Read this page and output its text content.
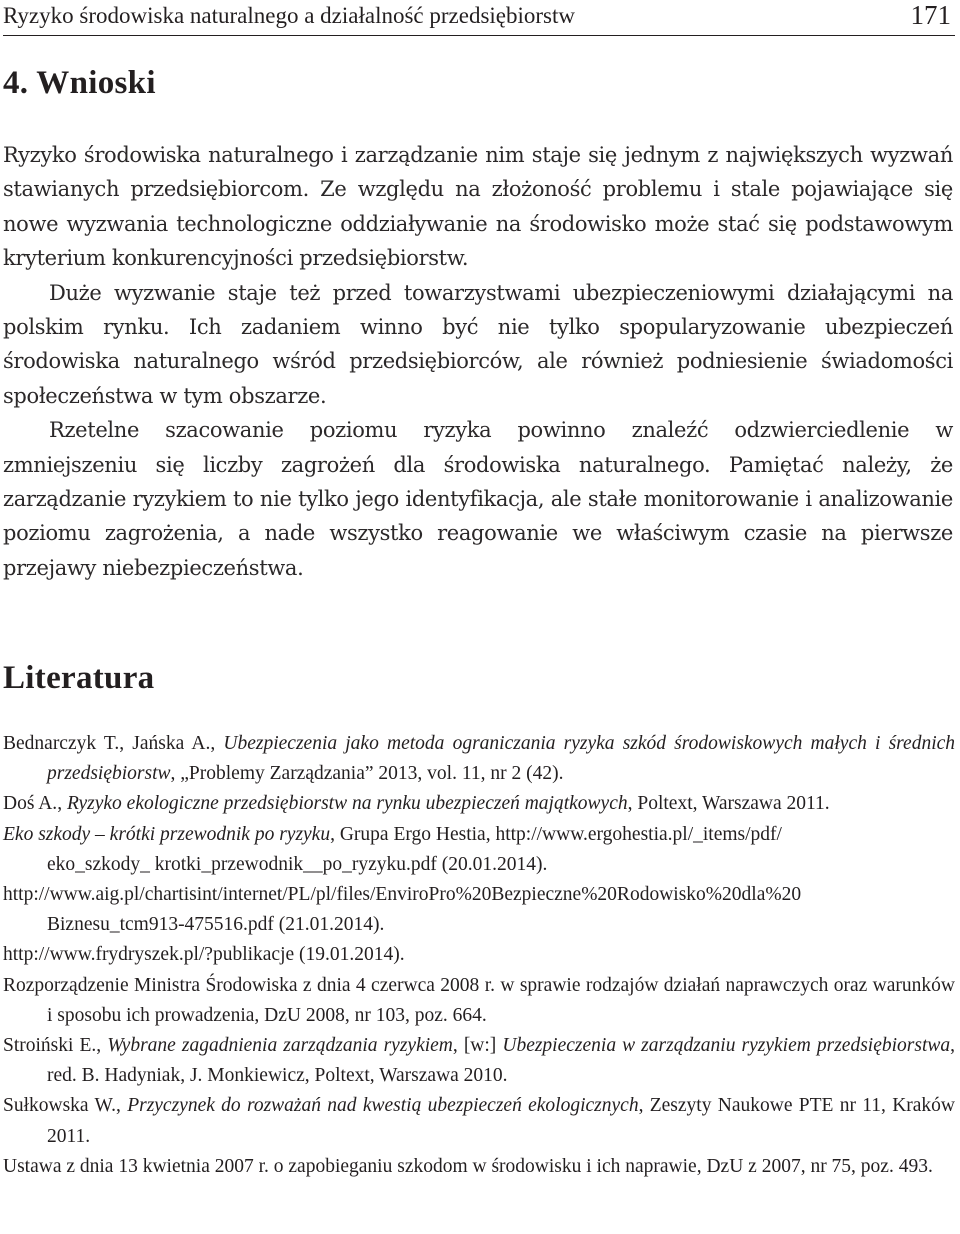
Ryzyko środowiska naturalnego a działalność przedsiębiorstw	171
4. Wnioski

Ryzyko środowiska naturalnego i zarządzanie nim staje się jednym z największych wyzwań stawianych przedsiębiorcom. Ze względu na złożoność problemu i stale pojawiające się nowe wyzwania technologiczne oddziaływanie na środowisko może stać się podstawowym kryterium konkurencyjności przedsiębiorstw.

Duże wyzwanie staje też przed towarzystwami ubezpieczeniowymi działającymi na polskim rynku. Ich zadaniem winno być nie tylko spopularyzowanie ubezpieczeń środowiska naturalnego wśród przedsiębiorców, ale również podniesienie świadomości społeczeństwa w tym obszarze.

Rzetelne szacowanie poziomu ryzyka powinno znaleźć odzwierciedlenie w zmniejszeniu się liczby zagrożeń dla środowiska naturalnego. Pamiętać należy, że zarządzanie ryzykiem to nie tylko jego identyfikacja, ale stałe monitorowanie i analizowanie poziomu zagrożenia, a nade wszystko reagowanie we właściwym czasie na pierwsze przejawy niebezpieczeństwa.

Literatura

Bednarczyk T., Jańska A., Ubezpieczenia jako metoda ograniczania ryzyka szkód środowiskowych małych i średnich przedsiębiorstw, „Problemy Zarządzania” 2013, vol. 11, nr 2 (42).

Doś A., Ryzyko ekologiczne przedsiębiorstw na rynku ubezpieczeń majątkowych, Poltext, Warszawa 2011.

Eko szkody – krótki przewodnik po ryzyku, Grupa Ergo Hestia, http://www.ergohestia.pl/_items/pdf/
eko_szkody_ krotki_przewodnik__po_ryzyku.pdf (20.01.2014).

http://www.aig.pl/chartisint/internet/PL/pl/files/EnviroPro%20Bezpieczne%20Rodowisko%20dla%20
Biznesu_tcm913-475516.pdf (21.01.2014).

http://www.frydryszek.pl/?publikacje (19.01.2014).

Rozporządzenie Ministra Środowiska z dnia 4 czerwca 2008 r. w sprawie rodzajów działań naprawczych oraz warunków i sposobu ich prowadzenia, DzU 2008, nr 103, poz. 664.

Stroiński E., Wybrane zagadnienia zarządzania ryzykiem, [w:] Ubezpieczenia w zarządzaniu ryzykiem przedsiębiorstwa, red. B. Hadyniak, J. Monkiewicz, Poltext, Warszawa 2010.

Sułkowska W., Przyczynek do rozważań nad kwestią ubezpieczeń ekologicznych, Zeszyty Naukowe PTE nr 11, Kraków 2011.

Ustawa z dnia 13 kwietnia 2007 r. o zapobieganiu szkodom w środowisku i ich naprawie, DzU z 2007, nr 75, poz. 493.
